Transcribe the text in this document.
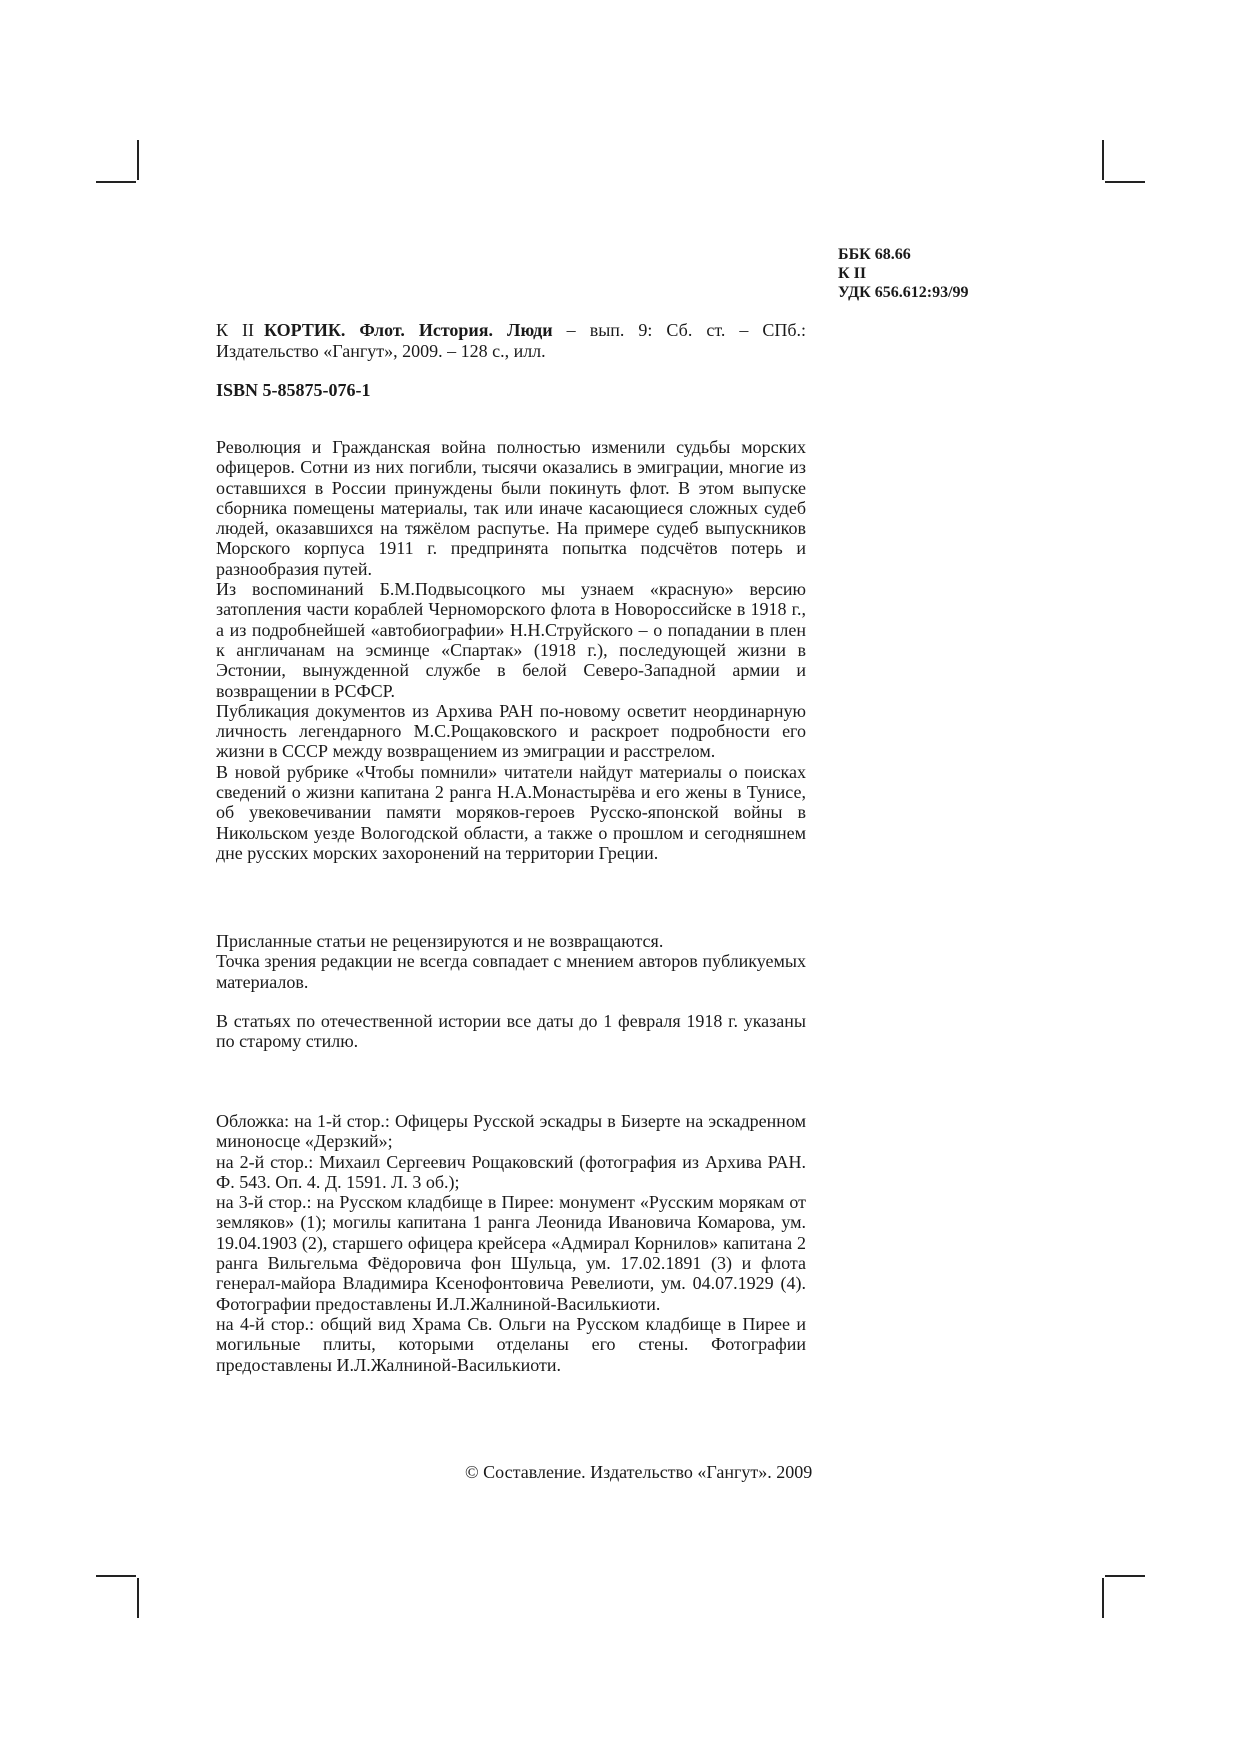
ББК 68.66
К II
УДК 656.612:93/99
К II КОРТИК. Флот. История. Люди – вып. 9: Сб. ст. – СПб.: Издательство «Гангут», 2009. – 128 с., илл.
ISBN 5-85875-076-1

Революция и Гражданская война полностью изменили судьбы морских офицеров. Сотни из них погибли, тысячи оказались в эмиграции, многие из оставшихся в России принуждены были покинуть флот. В этом выпуске сборника помещены материалы, так или иначе касающиеся сложных судеб людей, оказавшихся на тяжёлом распутье. На примере судеб выпускников Морского корпуса 1911 г. предпринята попытка подсчётов потерь и разнообразия путей.

Из воспоминаний Б.М.Подвысоцкого мы узнаем «красную» версию затопления части кораблей Черноморского флота в Новороссийске в 1918 г., а из подробнейшей «автобиографии» Н.Н.Струйского – о попадании в плен к англичанам на эсминце «Спартак» (1918 г.), последующей жизни в Эстонии, вынужденной службе в белой Северо-Западной армии и возвращении в РСФСР.

Публикация документов из Архива РАН по-новому осветит неординарную личность легендарного М.С.Рощаковского и раскроет подробности его жизни в СССР между возвращением из эмиграции и расстрелом.

В новой рубрике «Чтобы помнили» читатели найдут материалы о поисках сведений о жизни капитана 2 ранга Н.А.Монастырёва и его жены в Тунисе, об увековечивании памяти моряков-героев Русско-японской войны в Никольском уезде Вологодской области, а также о прошлом и сегодняшнем дне русских морских захоронений на территории Греции.

Присланные статьи не рецензируются и не возвращаются.

Точка зрения редакции не всегда совпадает с мнением авторов публикуемых материалов.

В статьях по отечественной истории все даты до 1 февраля 1918 г. указаны по старому стилю.

Обложка: на 1-й стор.: Офицеры Русской эскадры в Бизерте на эскадренном миноносце «Дерзкий»;

на 2-й стор.: Михаил Сергеевич Рощаковский (фотография из Архива РАН. Ф. 543. Оп. 4. Д. 1591. Л. 3 об.);

на 3-й стор.: на Русском кладбище в Пирее: монумент «Русским морякам от земляков» (1); могилы капитана 1 ранга Леонида Ивановича Комарова, ум. 19.04.1903 (2), старшего офицера крейсера «Адмирал Корнилов» капитана 2 ранга Вильгельма Фёдоровича фон Шульца, ум. 17.02.1891 (3) и флота генерал-майора Владимира Ксенофонтовича Ревелиоти, ум. 04.07.1929 (4). Фотографии предоставлены И.Л.Жалниной-Василькиоти.

на 4-й стор.: общий вид Храма Св. Ольги на Русском кладбище в Пирее и могильные плиты, которыми отделаны его стены. Фотографии предоставлены И.Л.Жалниной-Василькиоти.

© Составление. Издательство «Гангут». 2009
